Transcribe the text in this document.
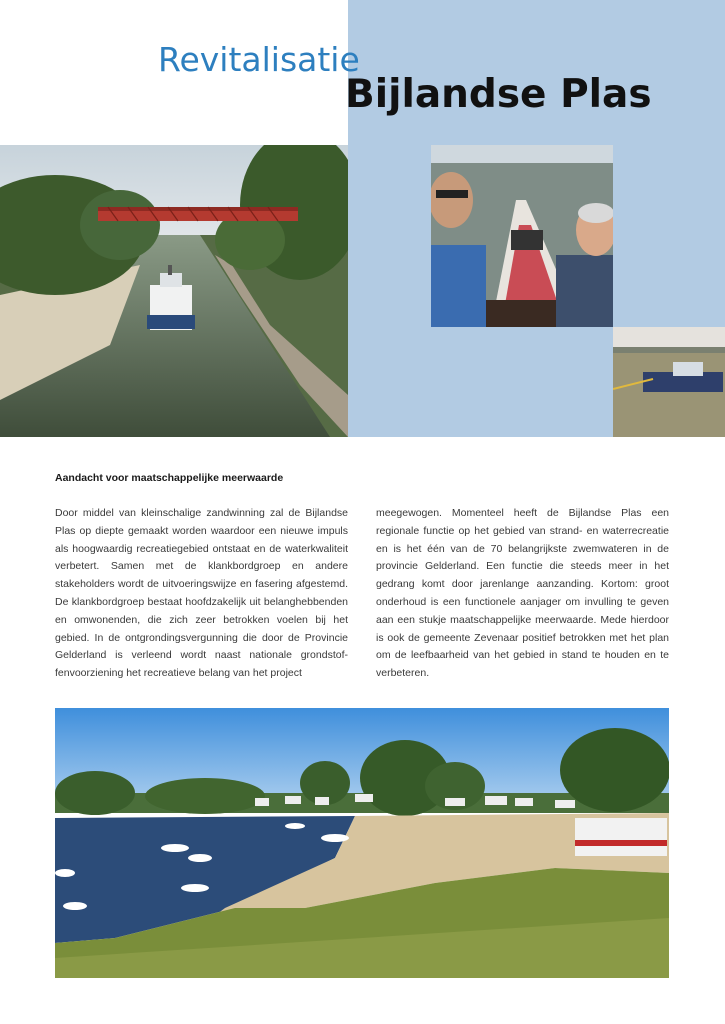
Revitalisatie
Bijlandse Plas
Aandacht voor maatschappelijke meerwaarde
Door middel van kleinschalige zandwinning zal de Bijlandse Plas op diepte gemaakt worden waardoor een nieuwe impuls als hoogwaardig recreatiegebied ontstaat en de waterkwaliteit verbetert. Samen met de klankbordgroep en andere stakeholders wordt de uitvoeringswijze en fasering afgestemd. De klankbordgroep bestaat hoofdzakelijk uit belanghebbenden en omwonenden, die zich zeer betrokken voelen bij het gebied. In de ontgrondingsvergunning die door de Provincie Gelderland is verleend wordt naast nationale grondstoffenvoorziening het recreatieve belang van het project
meegewogen. Momenteel heeft de Bijlandse Plas een regionale functie op het gebied van strand- en waterrecreatie en is het één van de 70 belangrijkste zwemwateren in de provincie Gelderland. Een functie die steeds meer in het gedrang komt door jarenlange aanzanding. Kortom: groot onderhoud is een functionele aanjager om invulling te geven aan een stukje maatschappelijke meerwaarde. Mede hierdoor is ook de gemeente Zevenaar positief betrokken met het plan om de leefbaarheid van het gebied in stand te houden en te verbeteren.
